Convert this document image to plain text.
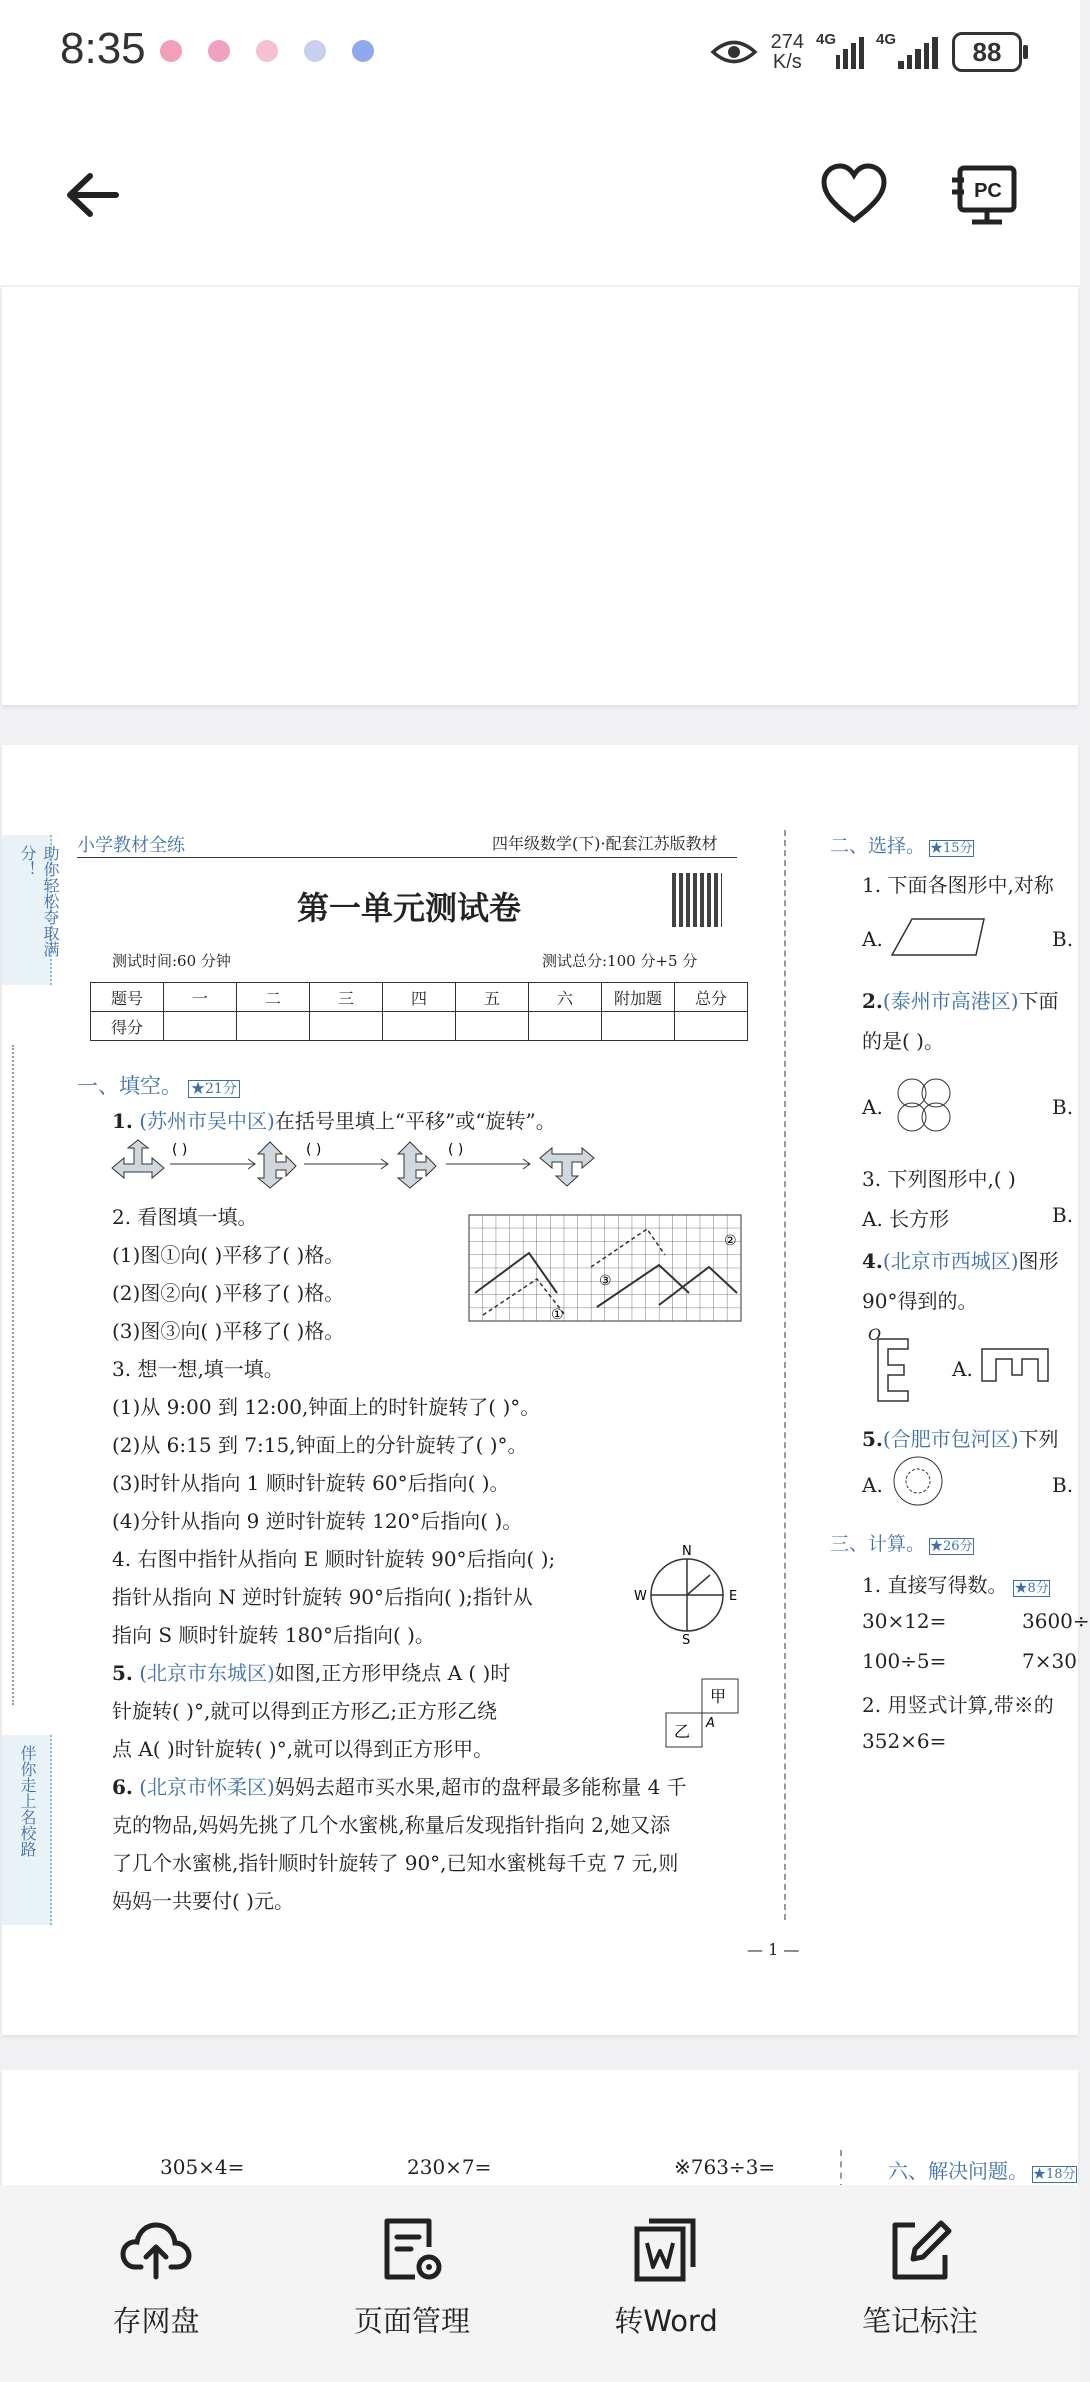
8:35	274
K/s
4G	4G	88
PC
助你轻松夺取满分！
伴你走上名校路
小学教材全练	四年级数学(下)·配套江苏版教材
第一单元测试卷
测试时间:60 分钟	测试总分:100 分+5 分
题号	一	二	三	四	五	六	附加题	总分
得分								
一、填空。 ★21分
1. (苏州市吴中区)在括号里填上“平移”或“旋转”。
( )	( )	( )
2. 看图填一填。
(1)图①向( )平移了( )格。
(2)图②向( )平移了( )格。
(3)图③向( )平移了( )格。
①
②
③
3. 想一想,填一填。
(1)从 9:00 到 12:00,钟面上的时针旋转了( )°。
(2)从 6:15 到 7:15,钟面上的分针旋转了( )°。
(3)时针从指向 1 顺时针旋转 60°后指向( )。
(4)分针从指向 9 逆时针旋转 120°后指向( )。
4. 右图中指针从指向 E 顺时针旋转 90°后指向( );
指针从指向 N 逆时针旋转 90°后指向( );指针从
指向 S 顺时针旋转 180°后指向( )。
N
E
S
W
5. (北京市东城区)如图,正方形甲绕点 A ( )时
针旋转( )°,就可以得到正方形乙;正方形乙绕
点 A( )时针旋转( )°,就可以得到正方形甲。
甲
乙 A
6. (北京市怀柔区)妈妈去超市买水果,超市的盘秤最多能称量 4 千
克的物品,妈妈先挑了几个水蜜桃,称量后发现指针指向 2,她又添
了几个水蜜桃,指针顺时针旋转了 90°,已知水蜜桃每千克 7 元,则
妈妈一共要付( )元。
— 1 —
二、选择。 ★15分
1. 下面各图形中,对称
A.	B.
2.(泰州市高港区)下面
的是( )。
A.	B.
3. 下列图形中,( )
A. 长方形	B.
4.(北京市西城区)图形
90°得到的。
O
A.
5.(合肥市包河区)下列
A.	B.
三、计算。 ★26分
1. 直接写得数。 ★8分
30×12=	3600÷
100÷5=	7×30
2. 用竖式计算,带※的
352×6=
305×4=	230×7=	※763÷3=	六、解决问题。 ★18分
存网盘	页面管理	转Word	笔记标注
